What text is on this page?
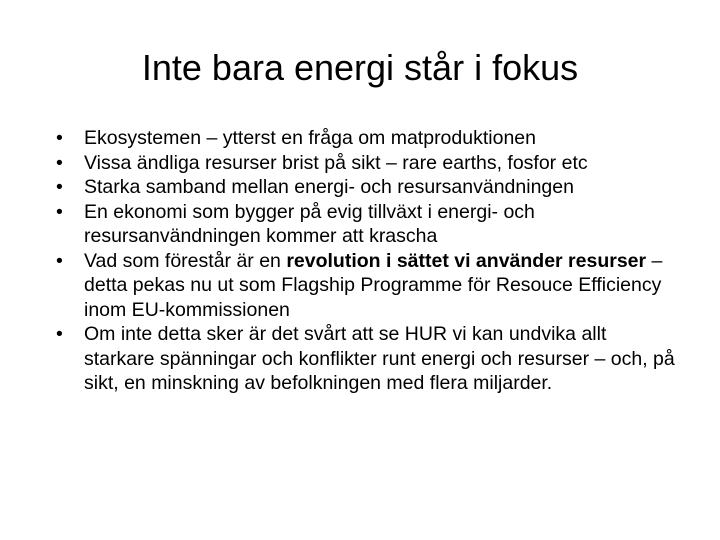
Inte bara energi står i fokus
•	Ekosystemen – ytterst en fråga om matproduktionen
•	Vissa ändliga resurser brist på sikt – rare earths, fosfor etc
•	Starka samband mellan energi- och resursanvändningen
•	En ekonomi som bygger på evig tillväxt i energi- och resursanvändningen kommer att krascha
•	Vad som förestår är en revolution i sättet vi använder resurser – detta pekas nu ut som Flagship Programme för Resouce Efficiency inom EU-kommissionen
•	Om inte detta sker är det svårt att se HUR vi kan undvika allt starkare spänningar och konflikter runt energi och resurser – och, på sikt, en minskning av befolkningen med flera miljarder.
